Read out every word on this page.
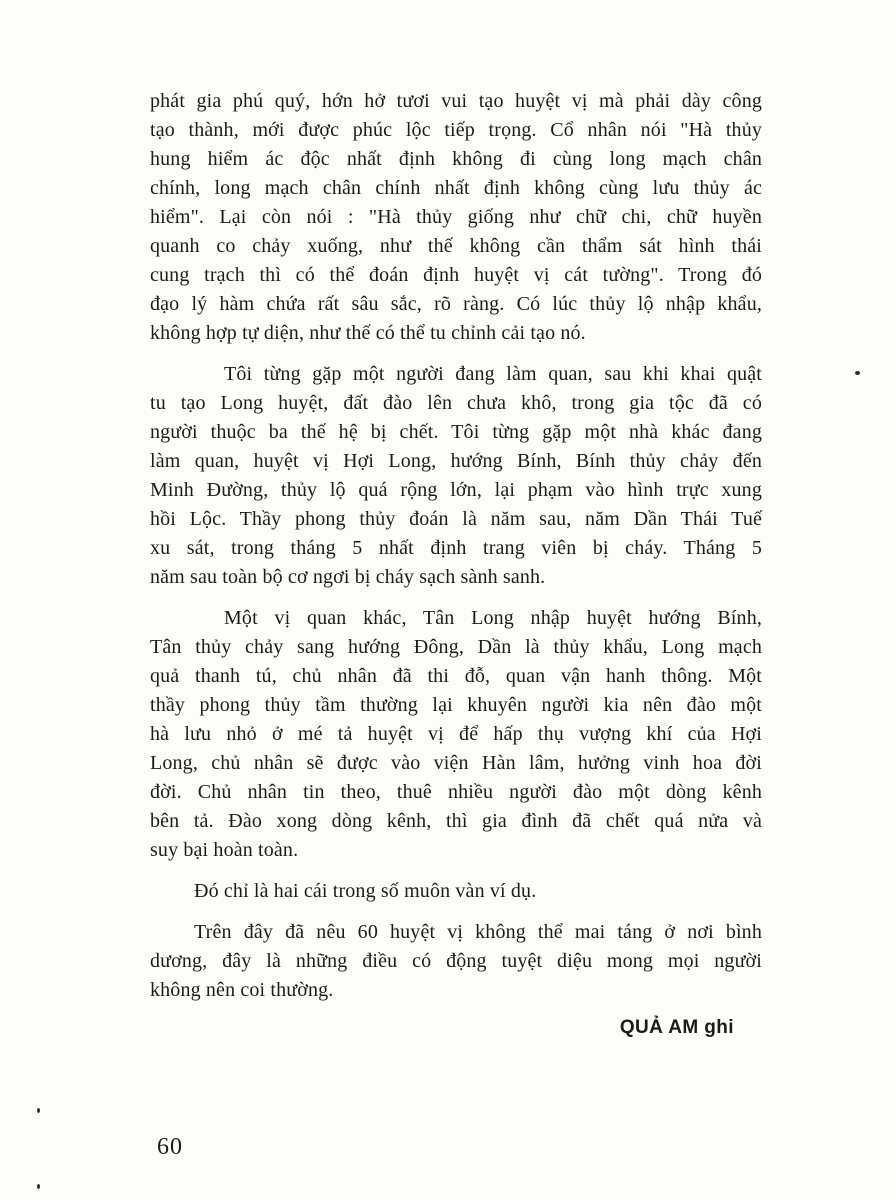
phát gia phú quý, hớn hở tươi vui tạo huyệt vị mà phải dày công
tạo thành, mới được phúc lộc tiếp trọng. Cổ nhân nói "Hà thủy
hung hiểm ác độc nhất định không đi cùng long mạch chân
chính, long mạch chân chính nhất định không cùng lưu thủy ác
hiểm". Lại còn nói : "Hà thủy giống như chữ chi, chữ huyền
quanh co chảy xuống, như thế không cần thẩm sát hình thái
cung trạch thì có thể đoán định huyệt vị cát tường". Trong đó
đạo lý hàm chứa rất sâu sắc, rõ ràng. Có lúc thủy lộ nhập khẩu,
không hợp tự diện, như thế có thể tu chỉnh cải tạo nó.
Tôi từng gặp một người đang làm quan, sau khi khai quật
tu tạo Long huyệt, đất đào lên chưa khô, trong gia tộc đã có
người thuộc ba thế hệ bị chết. Tôi từng gặp một nhà khác đang
làm quan, huyệt vị Hợi Long, hướng Bính, Bính thủy chảy đến
Minh Đường, thủy lộ quá rộng lớn, lại phạm vào hình trực xung
hồi Lộc. Thầy phong thủy đoán là năm sau, năm Dần Thái Tuế
xu sát, trong tháng 5 nhất định trang viên bị cháy. Tháng 5
năm sau toàn bộ cơ ngơi bị cháy sạch sành sanh.
Một vị quan khác, Tân Long nhập huyệt hướng Bính,
Tân thủy chảy sang hướng Đông, Dần là thủy khẩu, Long mạch
quả thanh tú, chủ nhân đã thi đỗ, quan vận hanh thông. Một
thầy phong thủy tầm thường lại khuyên người kia nên đào một
hà lưu nhỏ ở mé tả huyệt vị để hấp thụ vượng khí của Hợi
Long, chủ nhân sẽ được vào viện Hàn lâm, hưởng vinh hoa đời
đời. Chủ nhân tin theo, thuê nhiều người đào một dòng kênh
bên tả. Đào xong dòng kênh, thì gia đình đã chết quá nửa và
suy bại hoàn toàn.
Đó chỉ là hai cái trong số muôn vàn ví dụ.
Trên đây đã nêu 60 huyệt vị không thể mai táng ở nơi bình
dương, đây là những điều có động tuyệt diệu mong mọi người
không nên coi thường.
QUẢ AM ghi
60
